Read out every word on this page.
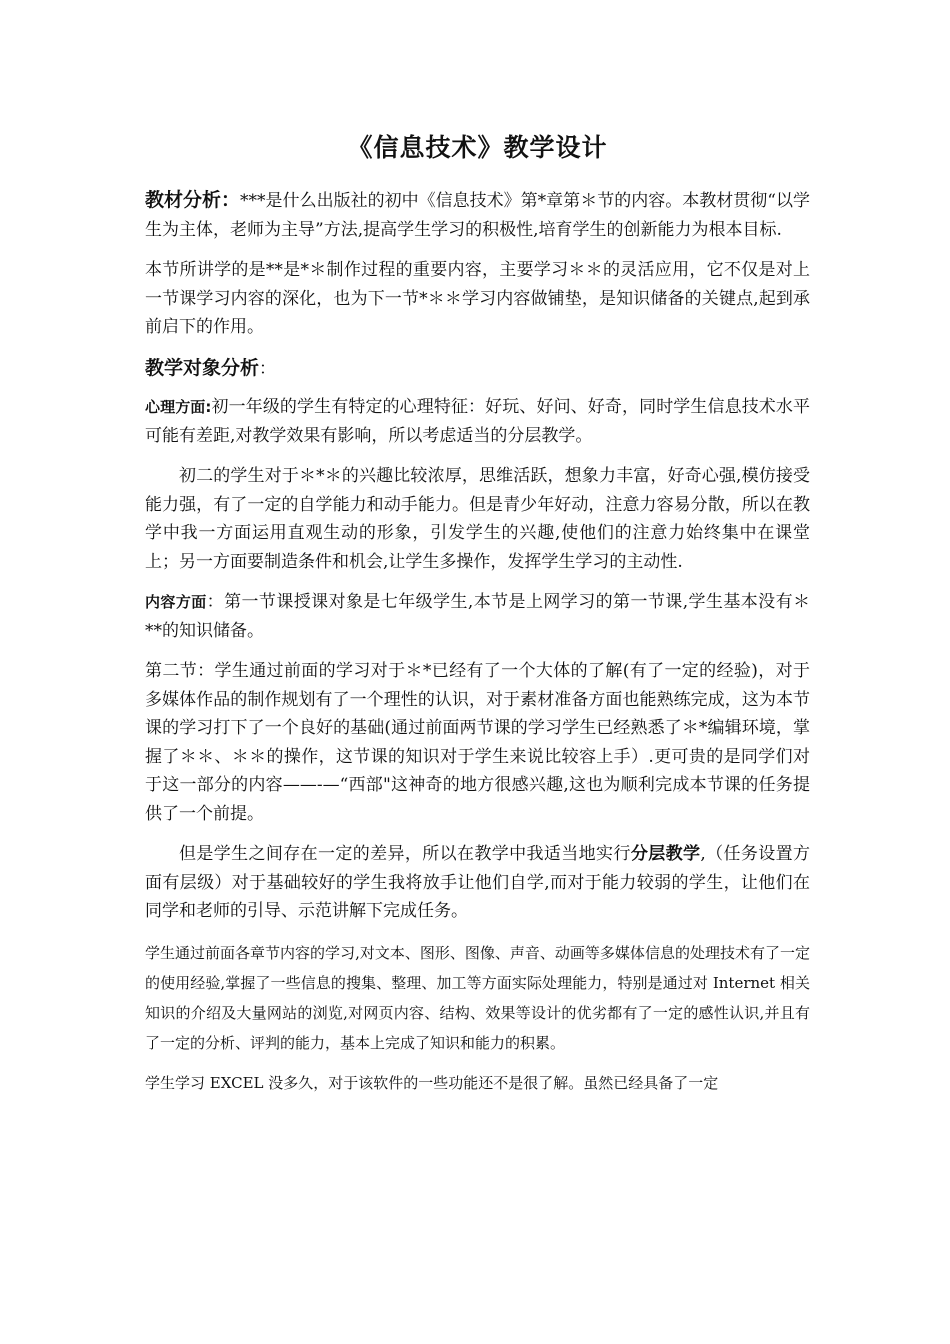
《信息技术》教学设计

教材分析：***是什么出版社的初中《信息技术》第*章第＊节的内容。本教材贯彻“以学生为主体，老师为主导”方法,提高学生学习的积极性,培育学生的创新能力为根本目标.

本节所讲学的是**是*＊制作过程的重要内容，主要学习＊＊的灵活应用，它不仅是对上一节课学习内容的深化，也为下一节*＊＊学习内容做铺垫，是知识储备的关键点,起到承前启下的作用。

教学对象分析：

心理方面:初一年级的学生有特定的心理特征：好玩、好问、好奇，同时学生信息技术水平可能有差距,对教学效果有影响，所以考虑适当的分层教学。

初二的学生对于＊*＊的兴趣比较浓厚，思维活跃，想象力丰富，好奇心强,模仿接受能力强，有了一定的自学能力和动手能力。但是青少年好动，注意力容易分散，所以在教学中我一方面运用直观生动的形象，引发学生的兴趣,使他们的注意力始终集中在课堂上；另一方面要制造条件和机会,让学生多操作，发挥学生学习的主动性.

内容方面：第一节课授课对象是七年级学生,本节是上网学习的第一节课,学生基本没有＊**的知识储备。

第二节：学生通过前面的学习对于＊*已经有了一个大体的了解(有了一定的经验)，对于多媒体作品的制作规划有了一个理性的认识，对于素材准备方面也能熟练完成，这为本节课的学习打下了一个良好的基础(通过前面两节课的学习学生已经熟悉了＊*编辑环境，掌握了＊＊、＊＊的操作，这节课的知识对于学生来说比较容上手）.更可贵的是同学们对于这一部分的内容——-—“西部"这神奇的地方很感兴趣,这也为顺利完成本节课的任务提供了一个前提。

但是学生之间存在一定的差异，所以在教学中我适当地实行分层教学,（任务设置方面有层级）对于基础较好的学生我将放手让他们自学,而对于能力较弱的学生，让他们在同学和老师的引导、示范讲解下完成任务。

学生通过前面各章节内容的学习,对文本、图形、图像、声音、动画等多媒体信息的处理技术有了一定的使用经验,掌握了一些信息的搜集、整理、加工等方面实际处理能力，特别是通过对 Internet 相关知识的介绍及大量网站的浏览,对网页内容、结构、效果等设计的优劣都有了一定的感性认识,并且有了一定的分析、评判的能力，基本上完成了知识和能力的积累。

学生学习 EXCEL 没多久，对于该软件的一些功能还不是很了解。虽然已经具备了一定
